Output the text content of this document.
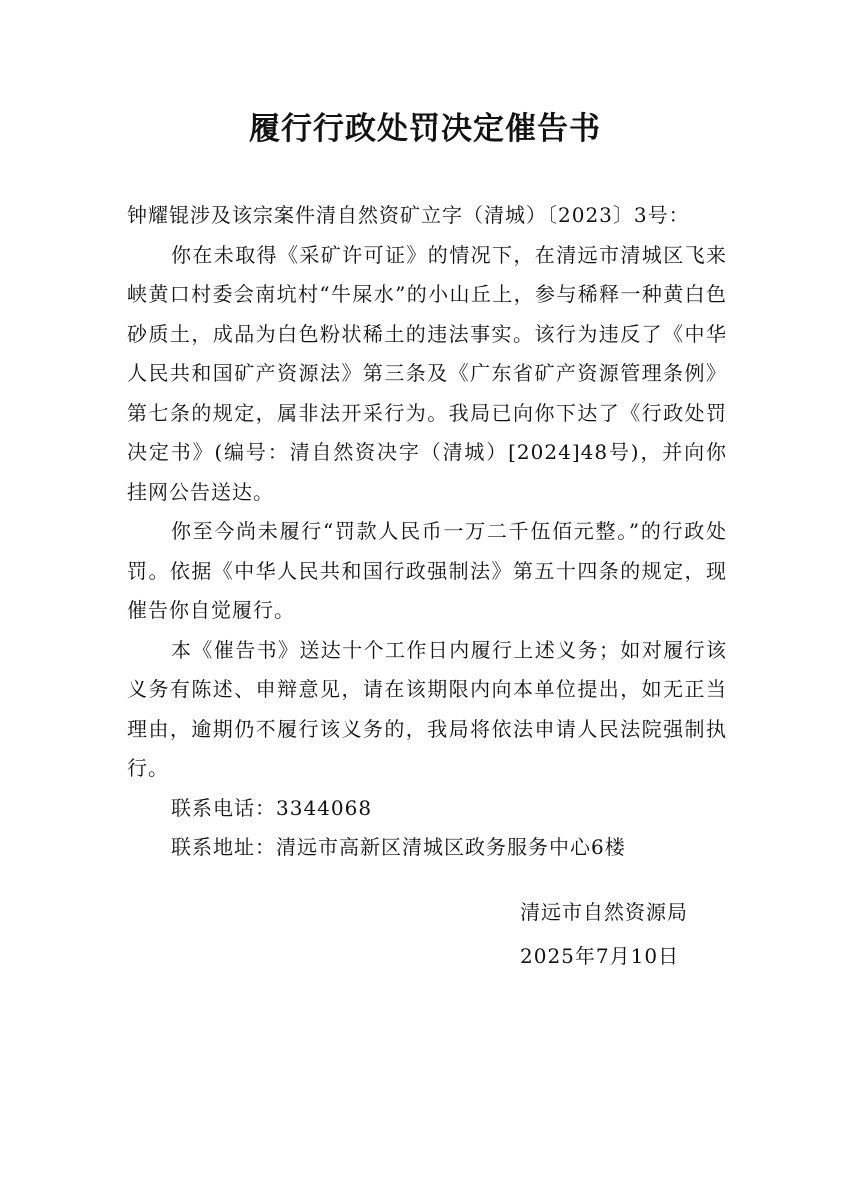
履行行政处罚决定催告书

钟耀锟涉及该宗案件清自然资矿立字（清城）〔2023〕3号：

你在未取得《采矿许可证》的情况下，在清远市清城区飞来峡黄口村委会南坑村“牛屎水”的小山丘上，参与稀释一种黄白色砂质土，成品为白色粉状稀土的违法事实。该行为违反了《中华人民共和国矿产资源法》第三条及《广东省矿产资源管理条例》第七条的规定，属非法开采行为。我局已向你下达了《行政处罚决定书》(编号：清自然资决字（清城）[2024]48号)，并向你挂网公告送达。

你至今尚未履行“罚款人民币一万二千伍佰元整。”的行政处罚。依据《中华人民共和国行政强制法》第五十四条的规定，现催告你自觉履行。

本《催告书》送达十个工作日内履行上述义务；如对履行该义务有陈述、申辩意见，请在该期限内向本单位提出，如无正当理由，逾期仍不履行该义务的，我局将依法申请人民法院强制执行。

联系电话：3344068

联系地址：清远市高新区清城区政务服务中心6楼

清远市自然资源局
2025年7月10日
